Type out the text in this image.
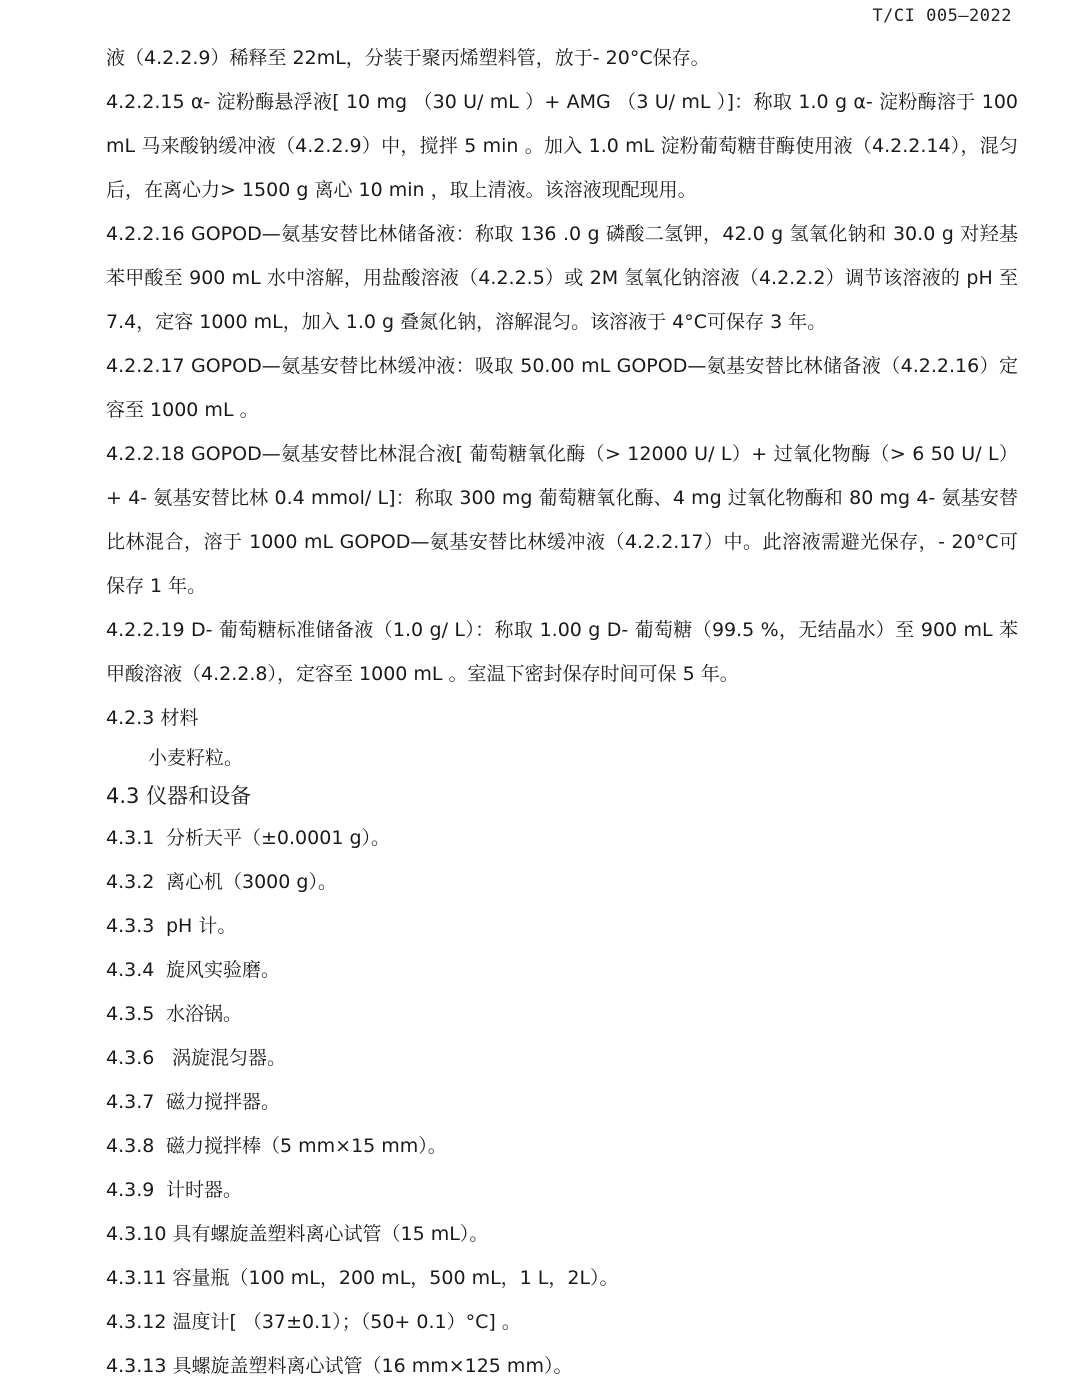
T/CI 005—2022

液（4.2.2.9）稀释至 22mL，分装于聚丙烯塑料管，放于- 20°C保存。

4.2.2.15 α- 淀粉酶悬浮液[ 10 mg （30 U/ mL ）+ AMG （3 U/ mL ）]：称取 1.0 g α- 淀粉酶溶于 100 mL 马来酸钠缓冲液（4.2.2.9）中，搅拌 5 min 。加入 1.0 mL 淀粉葡萄糖苷酶使用液（4.2.2.14），混匀后，在离心力> 1500 g 离心 10 min ，取上清液。该溶液现配现用。

4.2.2.16 GOPOD—氨基安替比林储备液：称取 136 .0 g 磷酸二氢钾，42.0 g 氢氧化钠和 30.0 g 对羟基苯甲酸至 900 mL 水中溶解，用盐酸溶液（4.2.2.5）或 2M 氢氧化钠溶液（4.2.2.2）调节该溶液的 pH 至 7.4，定容 1000 mL，加入 1.0 g 叠氮化钠，溶解混匀。该溶液于 4°C可保存 3 年。

4.2.2.17 GOPOD—氨基安替比林缓冲液：吸取 50.00 mL GOPOD—氨基安替比林储备液（4.2.2.16）定容至 1000 mL 。

4.2.2.18 GOPOD—氨基安替比林混合液[ 葡萄糖氧化酶（> 12000 U/ L）+ 过氧化物酶（> 6 50 U/ L）+ 4- 氨基安替比林 0.4 mmol/ L]：称取 300 mg 葡萄糖氧化酶、4 mg 过氧化物酶和 80 mg 4- 氨基安替比林混合，溶于 1000 mL GOPOD—氨基安替比林缓冲液（4.2.2.17）中。此溶液需避光保存，- 20°C可保存 1 年。

4.2.2.19 D- 葡萄糖标准储备液（1.0 g/ L）：称取 1.00 g D- 葡萄糖（99.5 %，无结晶水）至 900 mL 苯甲酸溶液（4.2.2.8），定容至 1000 mL 。室温下密封保存时间可保 5 年。

4.2.3 材料

小麦籽粒。

4.3 仪器和设备

4.3.1 分析天平（±0.0001 g）。

4.3.2 离心机（3000 g）。

4.3.3 pH 计。

4.3.4 旋风实验磨。

4.3.5 水浴锅。

4.3.6 涡旋混匀器。

4.3.7 磁力搅拌器。

4.3.8 磁力搅拌棒（5 mm×15 mm）。

4.3.9 计时器。

4.3.10 具有螺旋盖塑料离心试管（15 mL）。

4.3.11 容量瓶（100 mL，200 mL，500 mL，1 L，2L）。

4.3.12 温度计[ （37±0.1）；（50+ 0.1）°C] 。

4.3.13 具螺旋盖塑料离心试管（16 mm×125 mm）。
